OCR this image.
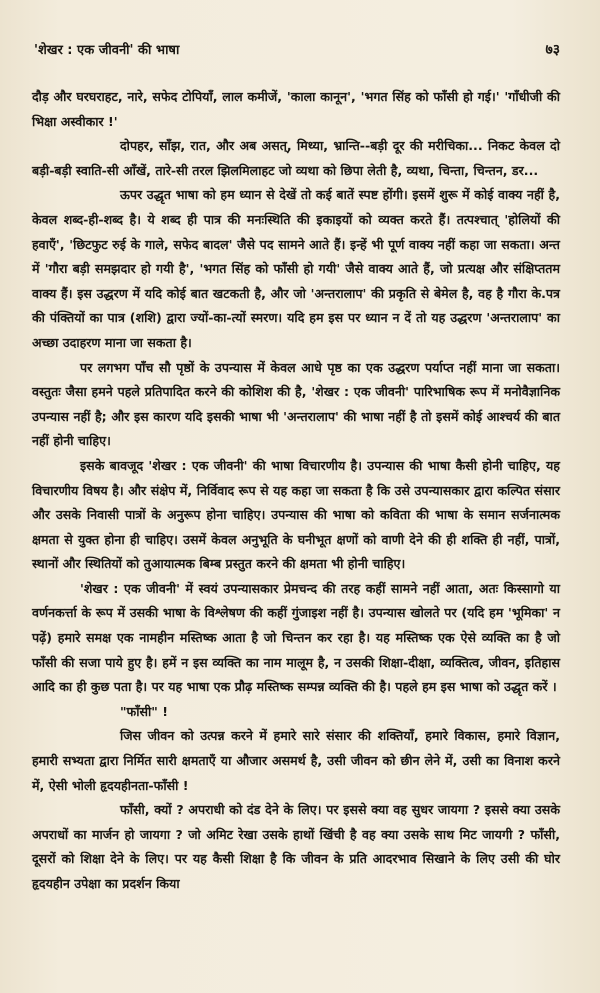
'शेखर : एक जीवनी' की भाषा	७३

दौड़ और घरघराहट, नारे, सफेद टोपियाँ, लाल कमीजें, 'काला कानून', 'भगत सिंह को फाँसी हो गई।' 'गाँधीजी की भिक्षा अस्वीकार !'

दोपहर, साँझ, रात, और अब असत्, मिथ्या, भ्रान्ति--बड़ी दूर की मरीचिका... निकट केवल दो बड़ी-बड़ी स्वाति-सी आँखें, तारे-सी तरल झिलमिलाहट जो व्यथा को छिपा लेती है, व्यथा, चिन्ता, चिन्तन, डर...

ऊपर उद्धृत भाषा को हम ध्यान से देखें तो कई बातें स्पष्ट होंगी। इसमें शुरू में कोई वाक्य नहीं है, केवल शब्द-ही-शब्द है। ये शब्द ही पात्र की मनःस्थिति की इकाइयों को व्यक्त करते हैं। तत्पश्चात् 'होलियों की हवाएँ', 'छिटफुट रुई के गाले, सफेद बादल' जैसे पद सामने आते हैं। इन्हें भी पूर्ण वाक्य नहीं कहा जा सकता। अन्त में 'गौरा बड़ी समझदार हो गयी है', 'भगत सिंह को फाँसी हो गयी' जैसे वाक्य आते हैं, जो प्रत्यक्ष और संक्षिप्ततम वाक्य हैं। इस उद्धरण में यदि कोई बात खटकती है, और जो 'अन्तरालाप' की प्रकृति से बेमेल है, वह है गौरा के.पत्र की पंक्तियों का पात्र (शशि) द्वारा ज्यों-का-त्यों स्मरण। यदि हम इस पर ध्यान न दें तो यह उद्धरण 'अन्तरालाप' का अच्छा उदाहरण माना जा सकता है।

पर लगभग पाँच सौ पृष्ठों के उपन्यास में केवल आधे पृष्ठ का एक उद्धरण पर्याप्त नहीं माना जा सकता। वस्तुतः जैसा हमने पहले प्रतिपादित करने की कोशिश की है, 'शेखर : एक जीवनी' पारिभाषिक रूप में मनोवैज्ञानिक उपन्यास नहीं है; और इस कारण यदि इसकी भाषा भी 'अन्तरालाप' की भाषा नहीं है तो इसमें कोई आश्चर्य की बात नहीं होनी चाहिए।

इसके बावजूद 'शेखर : एक जीवनी' की भाषा विचारणीय है। उपन्यास की भाषा कैसी होनी चाहिए, यह विचारणीय विषय है। और संक्षेप में, निर्विवाद रूप से यह कहा जा सकता है कि उसे उपन्यासकार द्वारा कल्पित संसार और उसके निवासी पात्रों के अनुरूप होना चाहिए। उपन्यास की भाषा को कविता की भाषा के समान सर्जनात्मक क्षमता से युक्त होना ही चाहिए। उसमें केवल अनुभूति के घनीभूत क्षणों को वाणी देने की ही शक्ति ही नहीं, पात्रों, स्थानों और स्थितियों को तुआयात्मक बिम्ब प्रस्तुत करने की क्षमता भी होनी चाहिए।

'शेखर : एक जीवनी' में स्वयं उपन्यासकार प्रेमचन्द की तरह कहीं सामने नहीं आता, अतः किस्सागो या वर्णनकर्त्ता के रूप में उसकी भाषा के विश्लेषण की कहीं गुंजाइश नहीं है। उपन्यास खोलते पर (यदि हम 'भूमिका' न पढ़ें) हमारे समक्ष एक नामहीन मस्तिष्क आता है जो चिन्तन कर रहा है। यह मस्तिष्क एक ऐसे व्यक्ति का है जो फाँसी की सजा पाये हुए है। हमें न इस व्यक्ति का नाम मालूम है, न उसकी शिक्षा-दीक्षा, व्यक्तित्व, जीवन, इतिहास आदि का ही कुछ पता है। पर यह भाषा एक प्रौढ़ मस्तिष्क सम्पन्न व्यक्ति की है। पहले हम इस भाषा को उद्धृत करें ।

"फाँसी" !

जिस जीवन को उत्पन्न करने में हमारे सारे संसार की शक्तियाँ, हमारे विकास, हमारे विज्ञान, हमारी सभ्यता द्वारा निर्मित सारी क्षमताएँ या औजार असमर्थ है, उसी जीवन को छीन लेने में, उसी का विनाश करने में, ऐसी भोली हृदयहीनता-फाँसी !

फाँसी, क्यों ? अपराधी को दंड देने के लिए। पर इससे क्या वह सुधर जायगा ? इससे क्या उसके अपराधों का मार्जन हो जायगा ? जो अमिट रेखा उसके हाथों खिंची है वह क्या उसके साथ मिट जायगी ? फाँसी, दूसरों को शिक्षा देने के लिए। पर यह कैसी शिक्षा है कि जीवन के प्रति आदरभाव सिखाने के लिए उसी की घोर हृदयहीन उपेक्षा का प्रदर्शन किया
